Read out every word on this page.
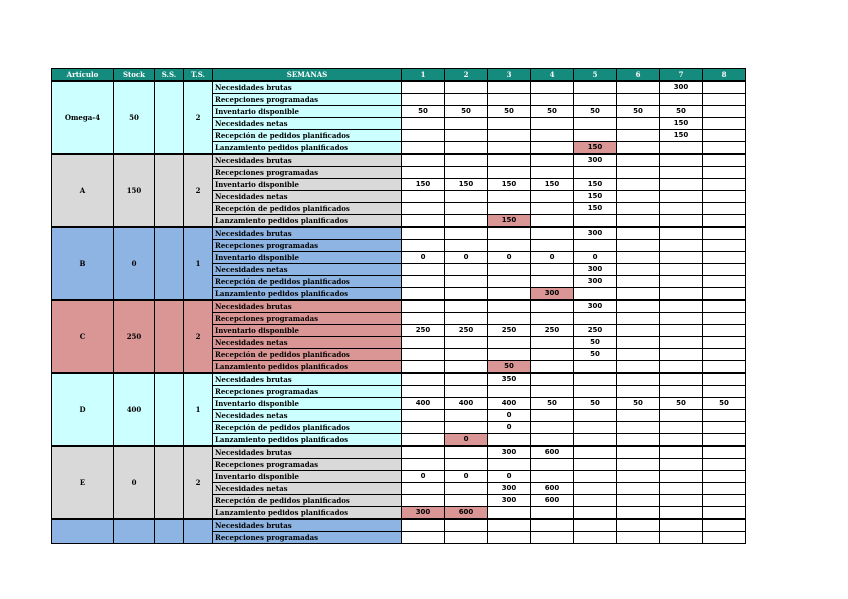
Artículo	Stock	S.S.	T.S.	SEMANAS	1	2	3	4	5	6	7	8
Omega-4	50		2	Necesidades brutas							300	
				Recepciones programadas								
				Inventario disponible	50	50	50	50	50	50	50	
				Necesidades netas							150	
				Recepción de pedidos planificados							150	
				Lanzamiento pedidos planificados					150			
A	150		2	Necesidades brutas					300			
				Recepciones programadas								
				Inventario disponible	150	150	150	150	150			
				Necesidades netas					150			
				Recepción de pedidos planificados					150			
				Lanzamiento pedidos planificados			150					
B	0		1	Necesidades brutas					300			
				Recepciones programadas								
				Inventario disponible	0	0	0	0	0			
				Necesidades netas					300			
				Recepción de pedidos planificados					300			
				Lanzamiento pedidos planificados				300				
C	250		2	Necesidades brutas					300			
				Recepciones programadas								
				Inventario disponible	250	250	250	250	250			
				Necesidades netas					50			
				Recepción de pedidos planificados					50			
				Lanzamiento pedidos planificados			50					
D	400		1	Necesidades brutas			350					
				Recepciones programadas								
				Inventario disponible	400	400	400	50	50	50	50	50
				Necesidades netas			0					
				Recepción de pedidos planificados			0					
				Lanzamiento pedidos planificados		0						
E	0		2	Necesidades brutas			300	600				
				Recepciones programadas								
				Inventario disponible	0	0	0					
				Necesidades netas			300	600				
				Recepción de pedidos planificados			300	600				
				Lanzamiento pedidos planificados	300	600						
				Necesidades brutas								
				Recepciones programadas								
